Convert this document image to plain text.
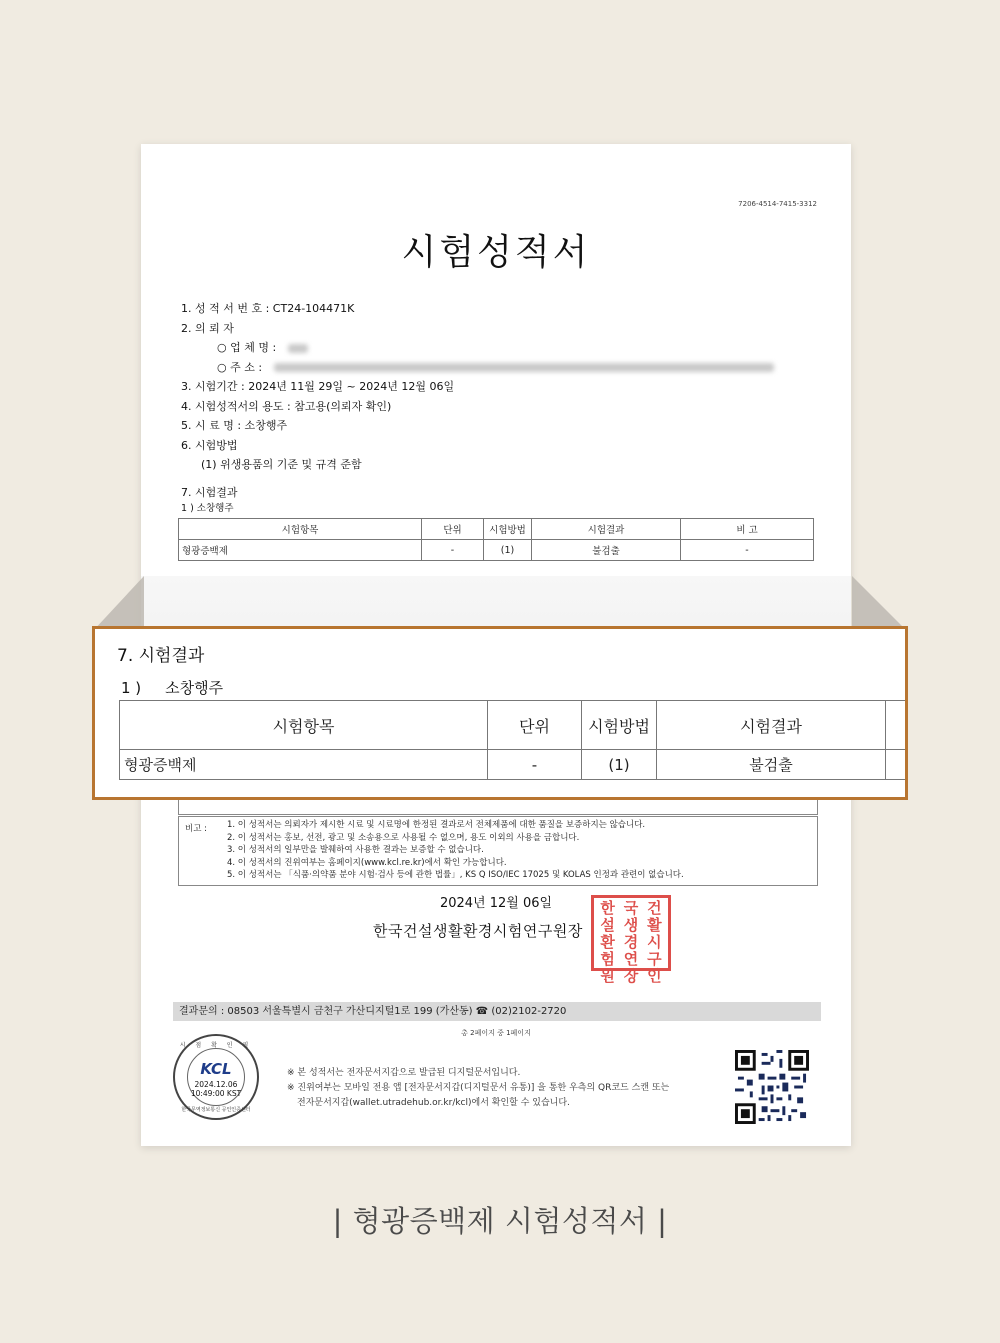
7206-4514-7415-3312
시험성적서
1. 성 적 서 번 호 : CT24-104471K
2. 의 뢰 자
○ 업 체 명 :
○ 주 소 :
3. 시험기간 : 2024년 11월 29일 ~ 2024년 12월 06일
4. 시험성적서의 용도 : 참고용(의뢰자 확인)
5. 시 료 명 : 소창행주
6. 시험방법
(1) 위생용품의 기준 및 규격 준함
7. 시험결과
1 ) 소창행주
시험항목	단위	시험방법	시험결과	비 고
형광증백제	-	(1)	불검출	-
비고 : 1. 이 성적서는 의뢰자가 제시한 시료 및 시료명에 한정된 결과로서 전체제품에 대한 품질을 보증하지는 않습니다.
2. 이 성적서는 홍보, 선전, 광고 및 소송용으로 사용될 수 없으며, 용도 이외의 사용을 금합니다.
3. 이 성적서의 일부만을 발췌하여 사용한 결과는 보증할 수 없습니다.
4. 이 성적서의 진위여부는 홈페이지(www.kcl.re.kr)에서 확인 가능합니다.
5. 이 성적서는 「식품·의약품 분야 시험·검사 등에 관한 법률」, KS Q ISO/IEC 17025 및 KOLAS 인정과 관련이 없습니다.
2024년 12월 06일
한국건설생활환경시험연구원장
한 국 건
설 생 활
환 경 시
험 연 구
원 장 인
결과문의 : 08503 서울특별시 금천구 가산디지털1로 199 (가산동) ☎ (02)2102-2720
총 2페이지 중 1페이지
시 점 확 인 필
KCL
2024.12.06
10:49:00 KST
한국무역정보통신 공인인증센터
※ 본 성적서는 전자문서지갑으로 발급된 디지털문서입니다.
※ 진위여부는 모바일 전용 앱 [전자문서지갑(디지털문서 유통)] 을 통한 우측의 QR코드 스캔 또는
전자문서지갑(wallet.utradehub.or.kr/kcl)에서 확인할 수 있습니다.
7. 시험결과
1 ) 소창행주
시험항목	단위	시험방법	시험결과	
형광증백제	-	(1)	불검출	
| 형광증백제 시험성적서 |
